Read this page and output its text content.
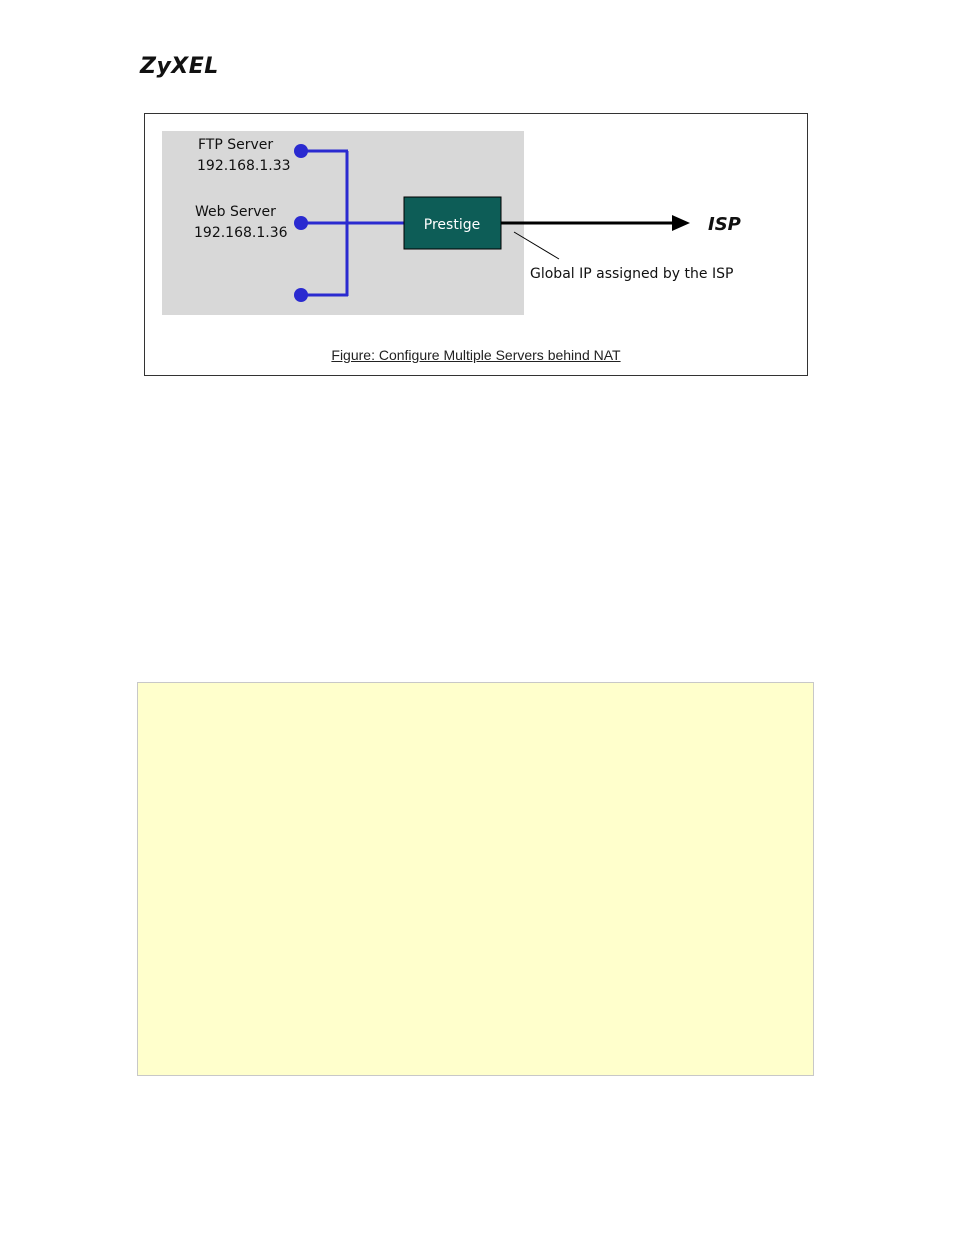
ZyXEL
FTP Server
192.168.1.33
Web Server
192.168.1.36	Prestige	ISP
Global IP assigned by the ISP
Figure: Configure Multiple Servers behind NAT
